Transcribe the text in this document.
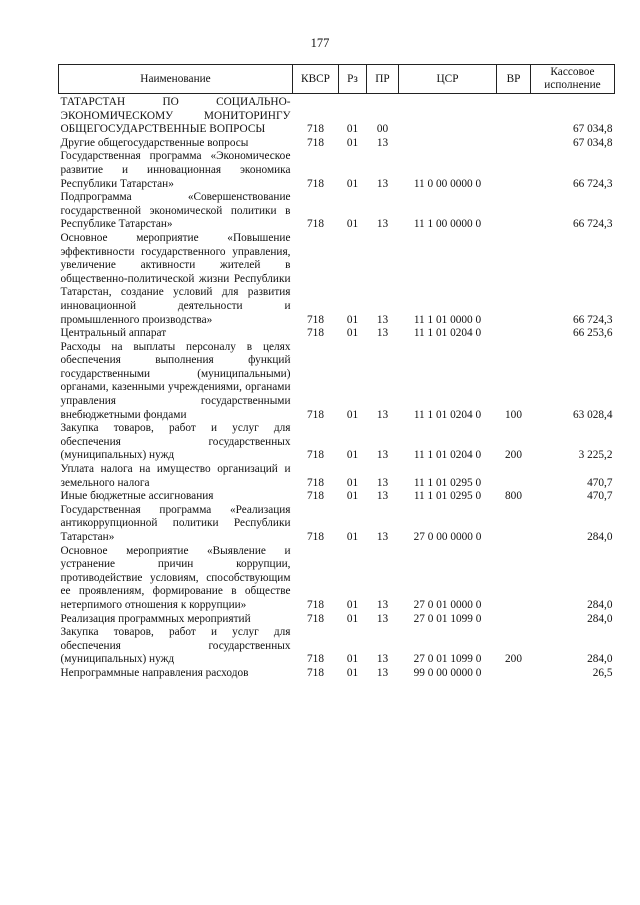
177
Наименование	КВСР	Рз	ПР	ЦСР	ВР	Кассовое исполнение
ТАТАРСТАН ПО СОЦИАЛЬНО-ЭКОНОМИЧЕСКОМУ МОНИТОРИНГУ ОБЩЕГОСУДАРСТВЕННЫЕ ВОПРОСЫ	718	01	00			67 034,8
Другие общегосударственные вопросы	718	01	13			67 034,8
Государственная программа «Экономическое развитие и инновационная экономика Республики Татарстан»	718	01	13	11 0 00 0000 0		66 724,3
Подпрограмма «Совершенствование государственной экономической политики в Республике Татарстан»	718	01	13	11 1 00 0000 0		66 724,3
Основное мероприятие «Повышение эффективности государственного управления, увеличение активности жителей в общественно-политической жизни Республики Татарстан, создание условий для развития инновационной деятельности и промышленного производства»	718	01	13	11 1 01 0000 0		66 724,3
Центральный аппарат	718	01	13	11 1 01 0204 0		66 253,6
Расходы на выплаты персоналу в целях обеспечения выполнения функций государственными (муниципальными) органами, казенными учреждениями, органами управления государственными внебюджетными фондами	718	01	13	11 1 01 0204 0	100	63 028,4
Закупка товаров, работ и услуг для обеспечения государственных (муниципальных) нужд	718	01	13	11 1 01 0204 0	200	3 225,2
Уплата налога на имущество организаций и земельного налога	718	01	13	11 1 01 0295 0		470,7
Иные бюджетные ассигнования	718	01	13	11 1 01 0295 0	800	470,7
Государственная программа «Реализация антикоррупционной политики Республики Татарстан»	718	01	13	27 0 00 0000 0		284,0
Основное мероприятие «Выявление и устранение причин коррупции, противодействие условиям, способствующим ее проявлениям, формирование в обществе нетерпимого отношения к коррупции»	718	01	13	27 0 01 0000 0		284,0
Реализация программных мероприятий	718	01	13	27 0 01 1099 0		284,0
Закупка товаров, работ и услуг для обеспечения государственных (муниципальных) нужд	718	01	13	27 0 01 1099 0	200	284,0
Непрограммные направления расходов	718	01	13	99 0 00 0000 0		26,5
